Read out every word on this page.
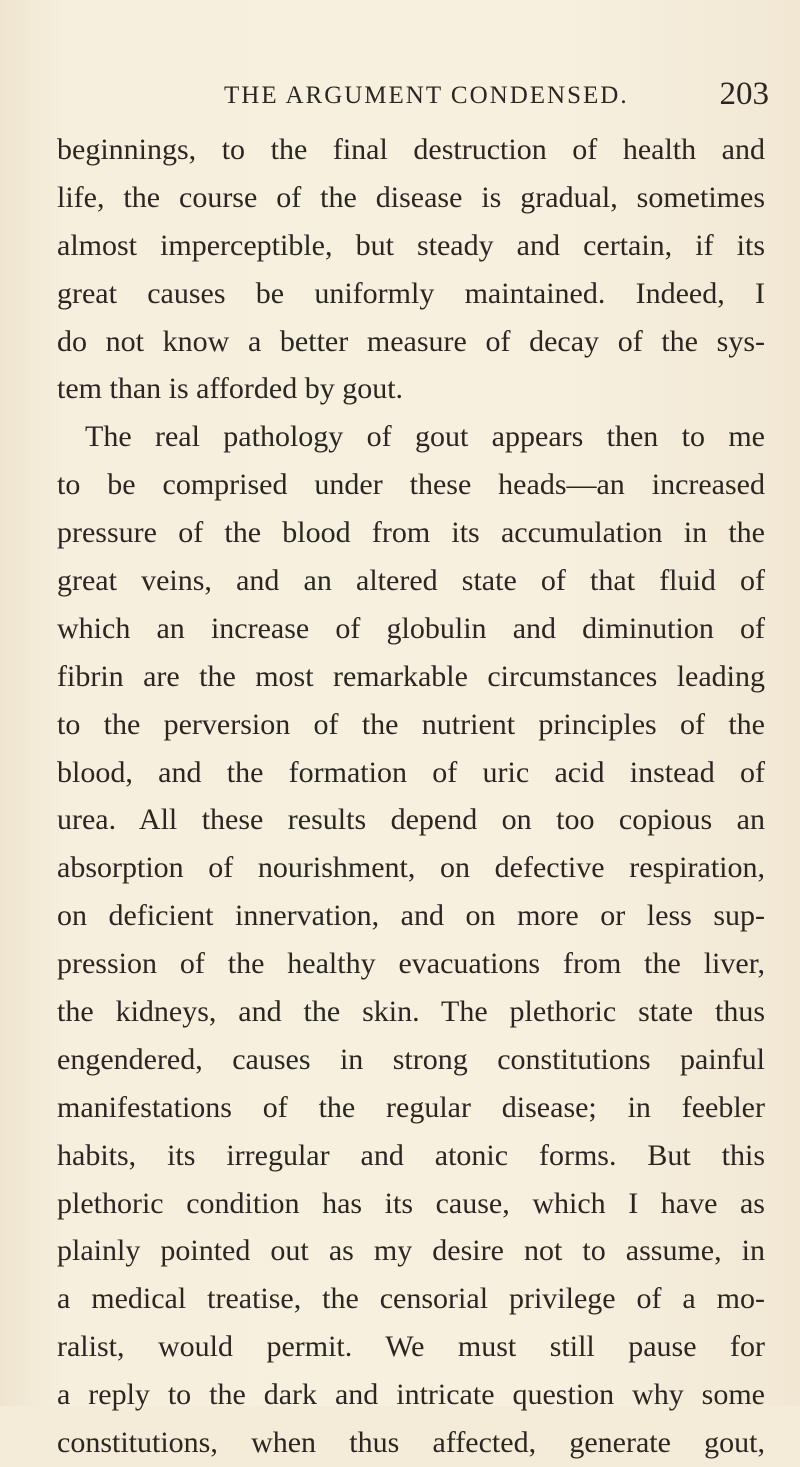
THE ARGUMENT CONDENSED.	203
beginnings, to the final destruction of health and
life, the course of the disease is gradual, sometimes
almost imperceptible, but steady and certain, if its
great causes be uniformly maintained. Indeed, I
do not know a better measure of decay of the sys-
tem than is afforded by gout.
The real pathology of gout appears then to me
to be comprised under these heads—an increased
pressure of the blood from its accumulation in the
great veins, and an altered state of that fluid of
which an increase of globulin and diminution of
fibrin are the most remarkable circumstances leading
to the perversion of the nutrient principles of the
blood, and the formation of uric acid instead of
urea. All these results depend on too copious an
absorption of nourishment, on defective respiration,
on deficient innervation, and on more or less sup-
pression of the healthy evacuations from the liver,
the kidneys, and the skin. The plethoric state thus
engendered, causes in strong constitutions painful
manifestations of the regular disease; in feebler
habits, its irregular and atonic forms. But this
plethoric condition has its cause, which I have as
plainly pointed out as my desire not to assume, in
a medical treatise, the censorial privilege of a mo-
ralist, would permit. We must still pause for
a reply to the dark and intricate question why some
constitutions, when thus affected, generate gout,
